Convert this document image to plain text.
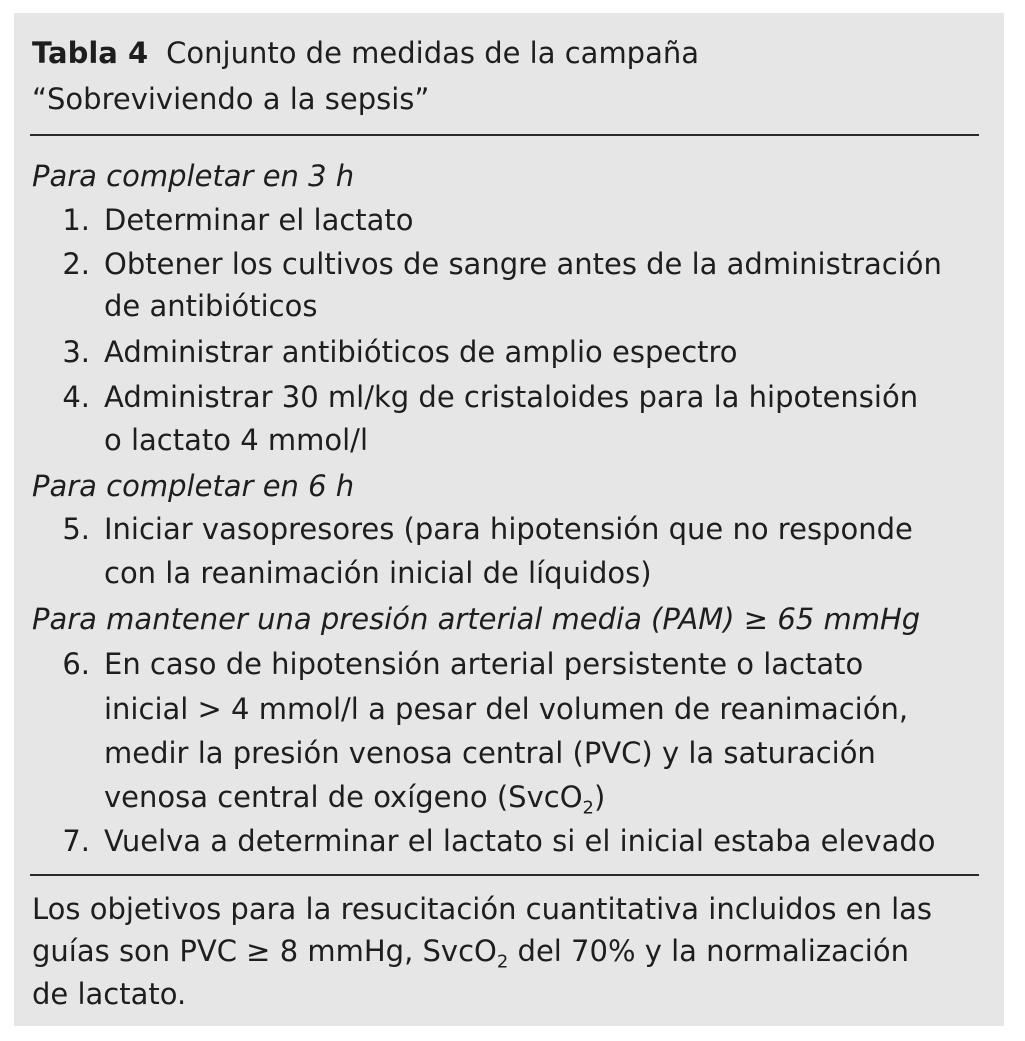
Tabla 4 Conjunto de medidas de la campaña
“Sobreviviendo a la sepsis”
Para completar en 3 h
1. Determinar el lactato
2. Obtener los cultivos de sangre antes de la administración
de antibióticos
3. Administrar antibióticos de amplio espectro
4. Administrar 30 ml/kg de cristaloides para la hipotensión
o lactato 4 mmol/l
Para completar en 6 h
5. Iniciar vasopresores (para hipotensión que no responde
con la reanimación inicial de líquidos)
Para mantener una presión arterial media (PAM) ≥ 65 mmHg
6. En caso de hipotensión arterial persistente o lactato
inicial > 4 mmol/l a pesar del volumen de reanimación,
medir la presión venosa central (PVC) y la saturación
venosa central de oxígeno (SvcO$_2$)
7. Vuelva a determinar el lactato si el inicial estaba elevado
Los objetivos para la resucitación cuantitativa incluidos en las
guías son PVC ≥ 8 mmHg, SvcO$_2$ del 70% y la normalización
de lactato.
